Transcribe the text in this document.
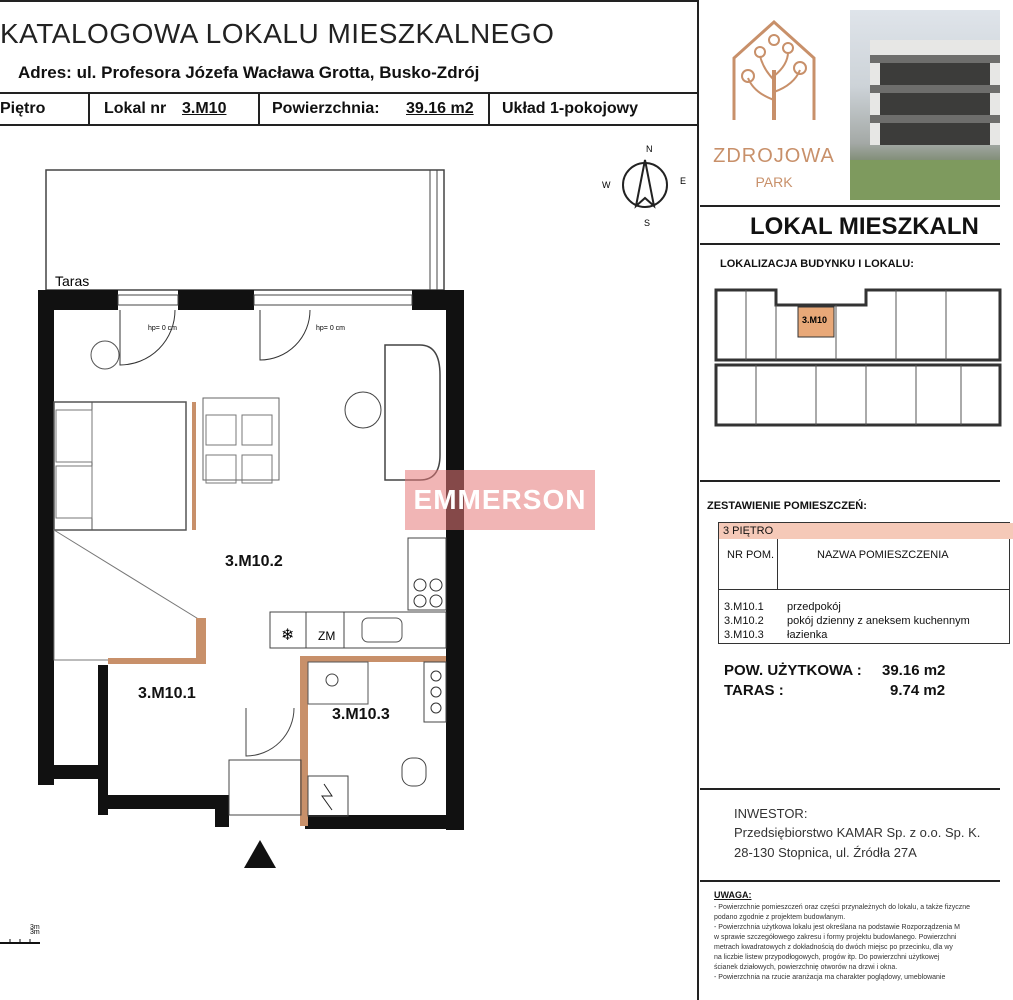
KATALOGOWA LOKALU MIESZKALNEGO
Adres: ul. Profesora Józefa Wacława Grotta, Busko-Zdrój
Piętro	Lokal nr 3.M10	Powierzchnia: 39.16 m2 Układ 1-pokojowy
ZDROJOWA
PARK
LOKAL MIESZKALN
N
E
S
W
Taras
hp= 0 cm	hp= 0 cm
ZM
❄
3m
3.M10.2
3.M10.1
3.M10.3
3m
EMMERSON
LOKALIZACJA BUDYNKU I LOKALU:
3.M10
ZESTAWIENIE POMIESZCZEŃ:
3 PIĘTRO
NR POM.	NAZWA POMIESZCZENIA
3.M10.1 przedpokój
3.M10.2 pokój dzienny z aneksem kuchennym
3.M10.3 łazienka
POW. UŻYTKOWA : 39.16 m2
TARAS :	9.74 m2
INWESTOR:
Przedsiębiorstwo KAMAR Sp. z o.o. Sp. K.
28-130 Stopnica, ul. Źródła 27A
UWAGA:
- Powierzchnie pomieszczeń oraz części przynależnych do lokalu, a także fizyczne
podano zgodnie z projektem budowlanym.
- Powierzchnia użytkowa lokalu jest określana na podstawie Rozporządzenia M
w sprawie szczegółowego zakresu i formy projektu budowlanego. Powierzchni
metrach kwadratowych z dokładnością do dwóch miejsc po przecinku, dla wy
na liczbie listew przypodłogowych, progów itp. Do powierzchni użytkowej
ścianek działowych, powierzchnię otworów na drzwi i okna.
- Powierzchnia na rzucie aranżacja ma charakter poglądowy, umeblowanie
